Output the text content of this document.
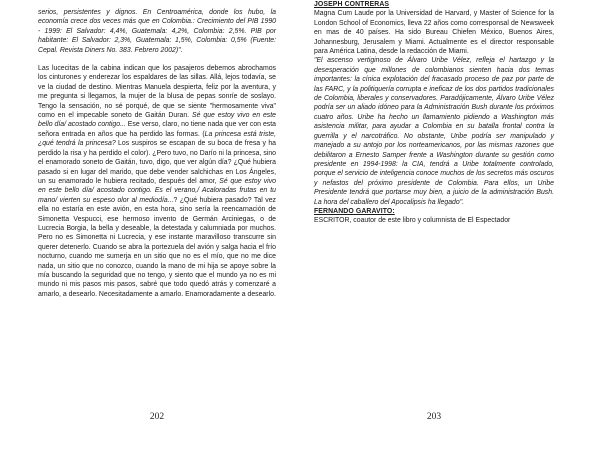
serios, persistentes y dignos. En Centroamérica, donde los hubo, la economía crece dos veces más que en Colombia.: Crecimiento del PIB 1990 - 1999: El Salvador: 4,4%, Guatemala: 4,2%, Colombia: 2,5%. PIB por habitante: El Salvador: 2,3%, Guatemala: 1,5%, Colombia: 0,5% (Fuente: Cepal. Revista Diners No. 383. Febrero 2002)".

Las lucecitas de la cabina indican que los pasajeros debemos abrochamos los cinturones y enderezar los espaldares de las sillas. Allá, lejos todavía, se ve la ciudad de destino. Mientras Manuela despierta, feliz por la aventura, y me pregunta si llegamos, la mujer de la blusa de pepas sonríe de soslayo. Tengo la sensación, no sé porqué, de que se siente "hermosamente viva" como en el impecable soneto de Gaitán Duran. Sé que estoy vivo en este bello día/ acostado contigo... Ese verso, claro, no tiene nada que ver con esta señora entrada en años que ha perdido las formas. (La princesa está triste, ¿qué tendrá la princesa? Los suspiros se escapan de su boca de fresa y ha perdido la risa y ha perdido el color). ¿Pero tuvo, no Darío ni la princesa, sino el enamorado soneto de Gaitán, tuvo, digo, que ver algún día? ¿Qué hubiera pasado si en lugar del marido, que debe vender salchichas en Los Ángeles, un su enamorado le hubiera recitado, después del amor, Sé que estoy vivo en este bello día/ acostado contigo. Es el verano,/ Acaloradas frutas en tu mano/ vierten su espeso olor al mediodía...? ¿Qué hubiera pasado? Tal vez ella no estaría en este avión, en esta hora, sino sería la reencarnación de Simonetta Vespucci, ese hermoso invento de Germán Arciniegas, o de Lucrecia Borgia, la bella y deseable, la detestada y calumniada por muchos. Pero no es Simonetta ni Lucrecia, y ese instante maravilloso transcurre sin querer detenerlo. Cuando se abra la portezuela del avión y salga hacia el frío nocturno, cuando me sumerja en un sitio que no es el mío, que no me dice nada, un sitio que no conozco, cuando la mano de mi hija se apoye sobre la mía buscando la seguridad que no tengo, y siento que el mundo ya no es mi mundo ni mis pasos mis pasos, sabré que todo quedó atrás y comenzaré a amarlo, a desearlo. Necesitadamente a amarlo. Enamoradamente a desearlo.

202

JOSEPH CONTRERAS

Magna Cum Laude por la Universidad de Harvard, y Master of Science for la London School of Economics, lleva 22 años como corresponsal de Newsweek en mas de 40 países. Ha sido Bureau Chiefen México, Buenos Aires, Johannesburg, Jerusalem y Miami. Actualmente es el director responsable para América Latina, desde la redacción de Miami.

"El ascenso vertiginoso de Álvaro Uribe Vélez, refleja el hartazgo y la desesperación que millones de colombianos sienten hacia dos temas importantes: la cínica explotación del fracasado proceso de paz por parte de las FARC, y la politiquería corrupta e ineficaz de los dos partidos tradicionales de Colombia, liberales y conservadores. Paradójicamente, Álvaro Uribe Vélez podría ser un aliado idóneo para la Administración Bush durante los próximos cuatro años. Uribe ha hecho un llamamiento pidiendo a Washington más asistencia militar, para ayudar a Colombia en su batalla frontal contra la guerrilla y el narcotráfico. No obstante, Uribe podría ser manipulado y manejado a su antojo por los norteamericanos, por las mismas razones que debilitaron a Ernesto Samper frente a Washington durante su gestión como presidente en 1994-1998: la CIA, tendrá a Uribe totalmente controlado, porque el servicio de inteligencia conoce muchos de los secretos más oscuros y nefastos del próximo presidente de Colombia. Para ellos, un Uribe Presidente tendrá que portarse muy bien, a juicio de la administración Bush. La hora del caballero del Apocalipsis ha llegado".

FERNANDO GARAVITO:

ESCRITOR, coautor de este libro y columnista de El Espectador

203
